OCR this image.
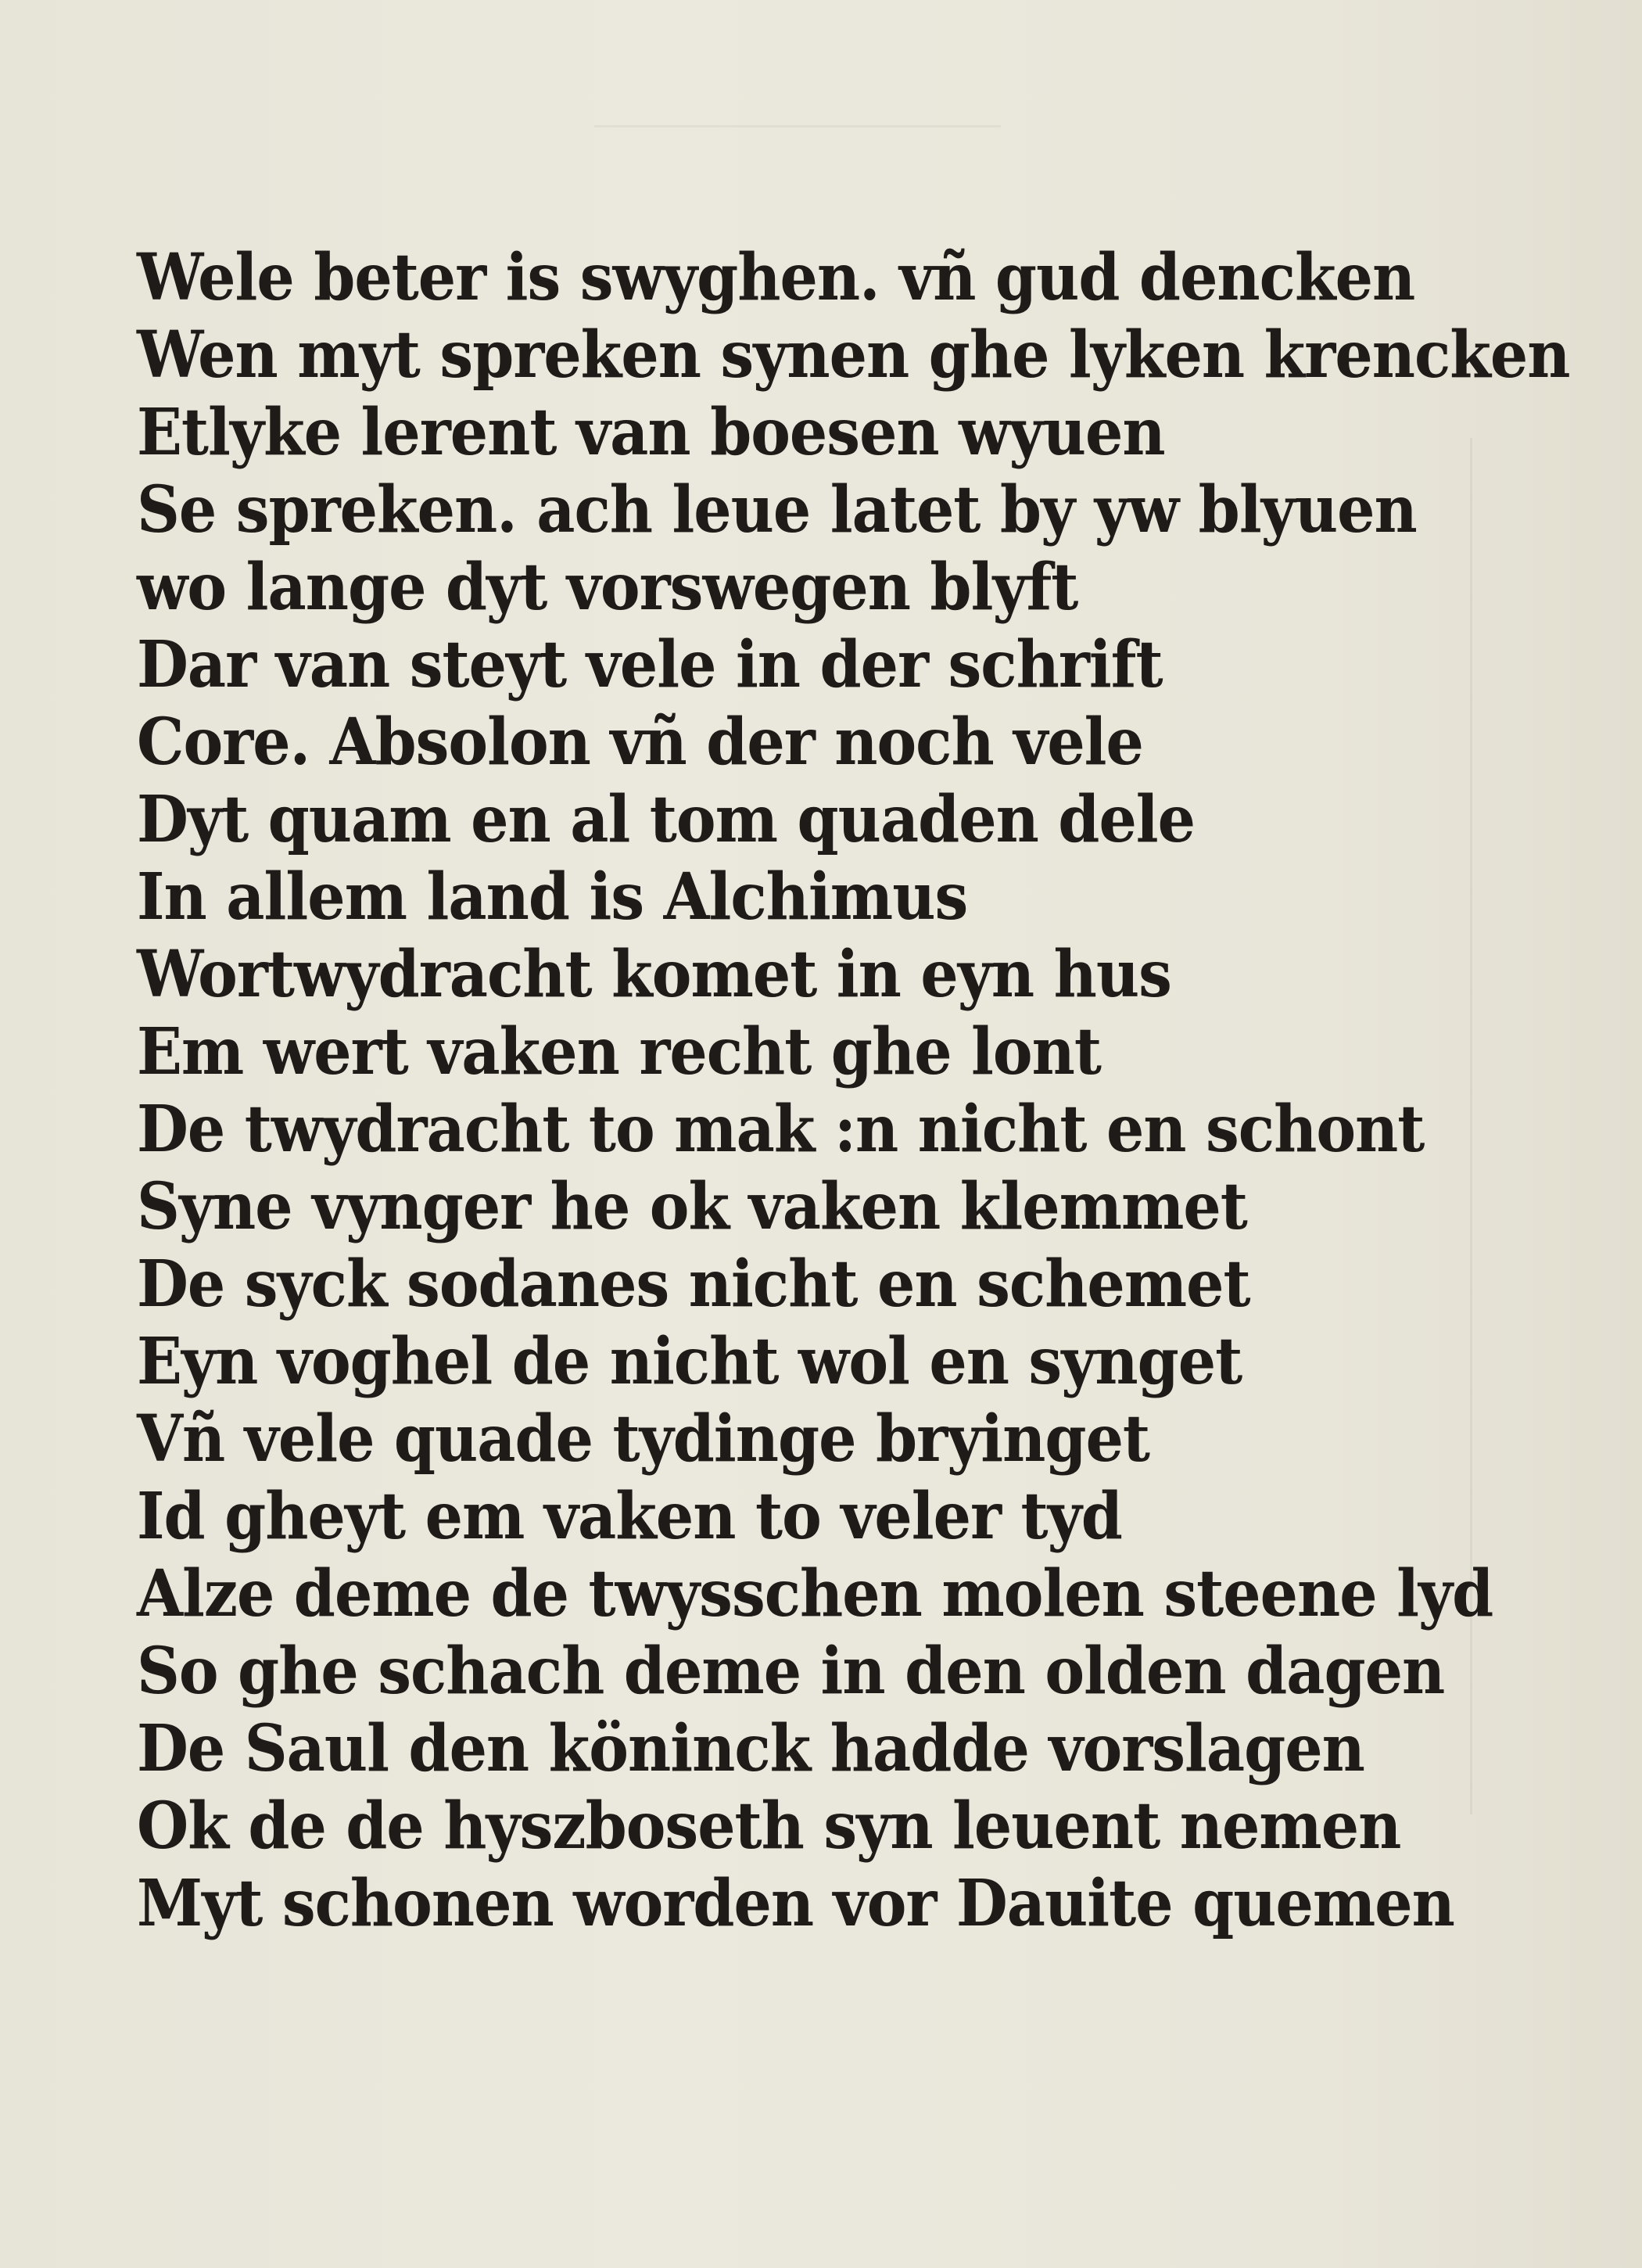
Wele beter is swyghen. vñ gud dencken
Wen myt spreken synen ghe lyken krencken
Etlyke lerent van boesen wyuen
Se spreken. ach leue latet by yw blyuen
wo lange dyt vorswegen blyft
Dar van steyt vele in der schrift
Core. Absolon vñ der noch vele
Dyt quam en al tom quaden dele
In allem land is Alchimus
Wortwydracht komet in eyn hus
Em wert vaken recht ghe lont
De twydracht to mak :n nicht en schont
Syne vynger he ok vaken klemmet
De syck sodanes nicht en schemet
Eyn voghel de nicht wol en synget
Vñ vele quade tydinge bryinget
Id gheyt em vaken to veler tyd
Alze deme de twysschen molen steene lyd
So ghe schach deme in den olden dagen
De Saul den köninck hadde vorslagen
Ok de de hyszboseth syn leuent nemen
Myt schonen worden vor Dauite quemen
